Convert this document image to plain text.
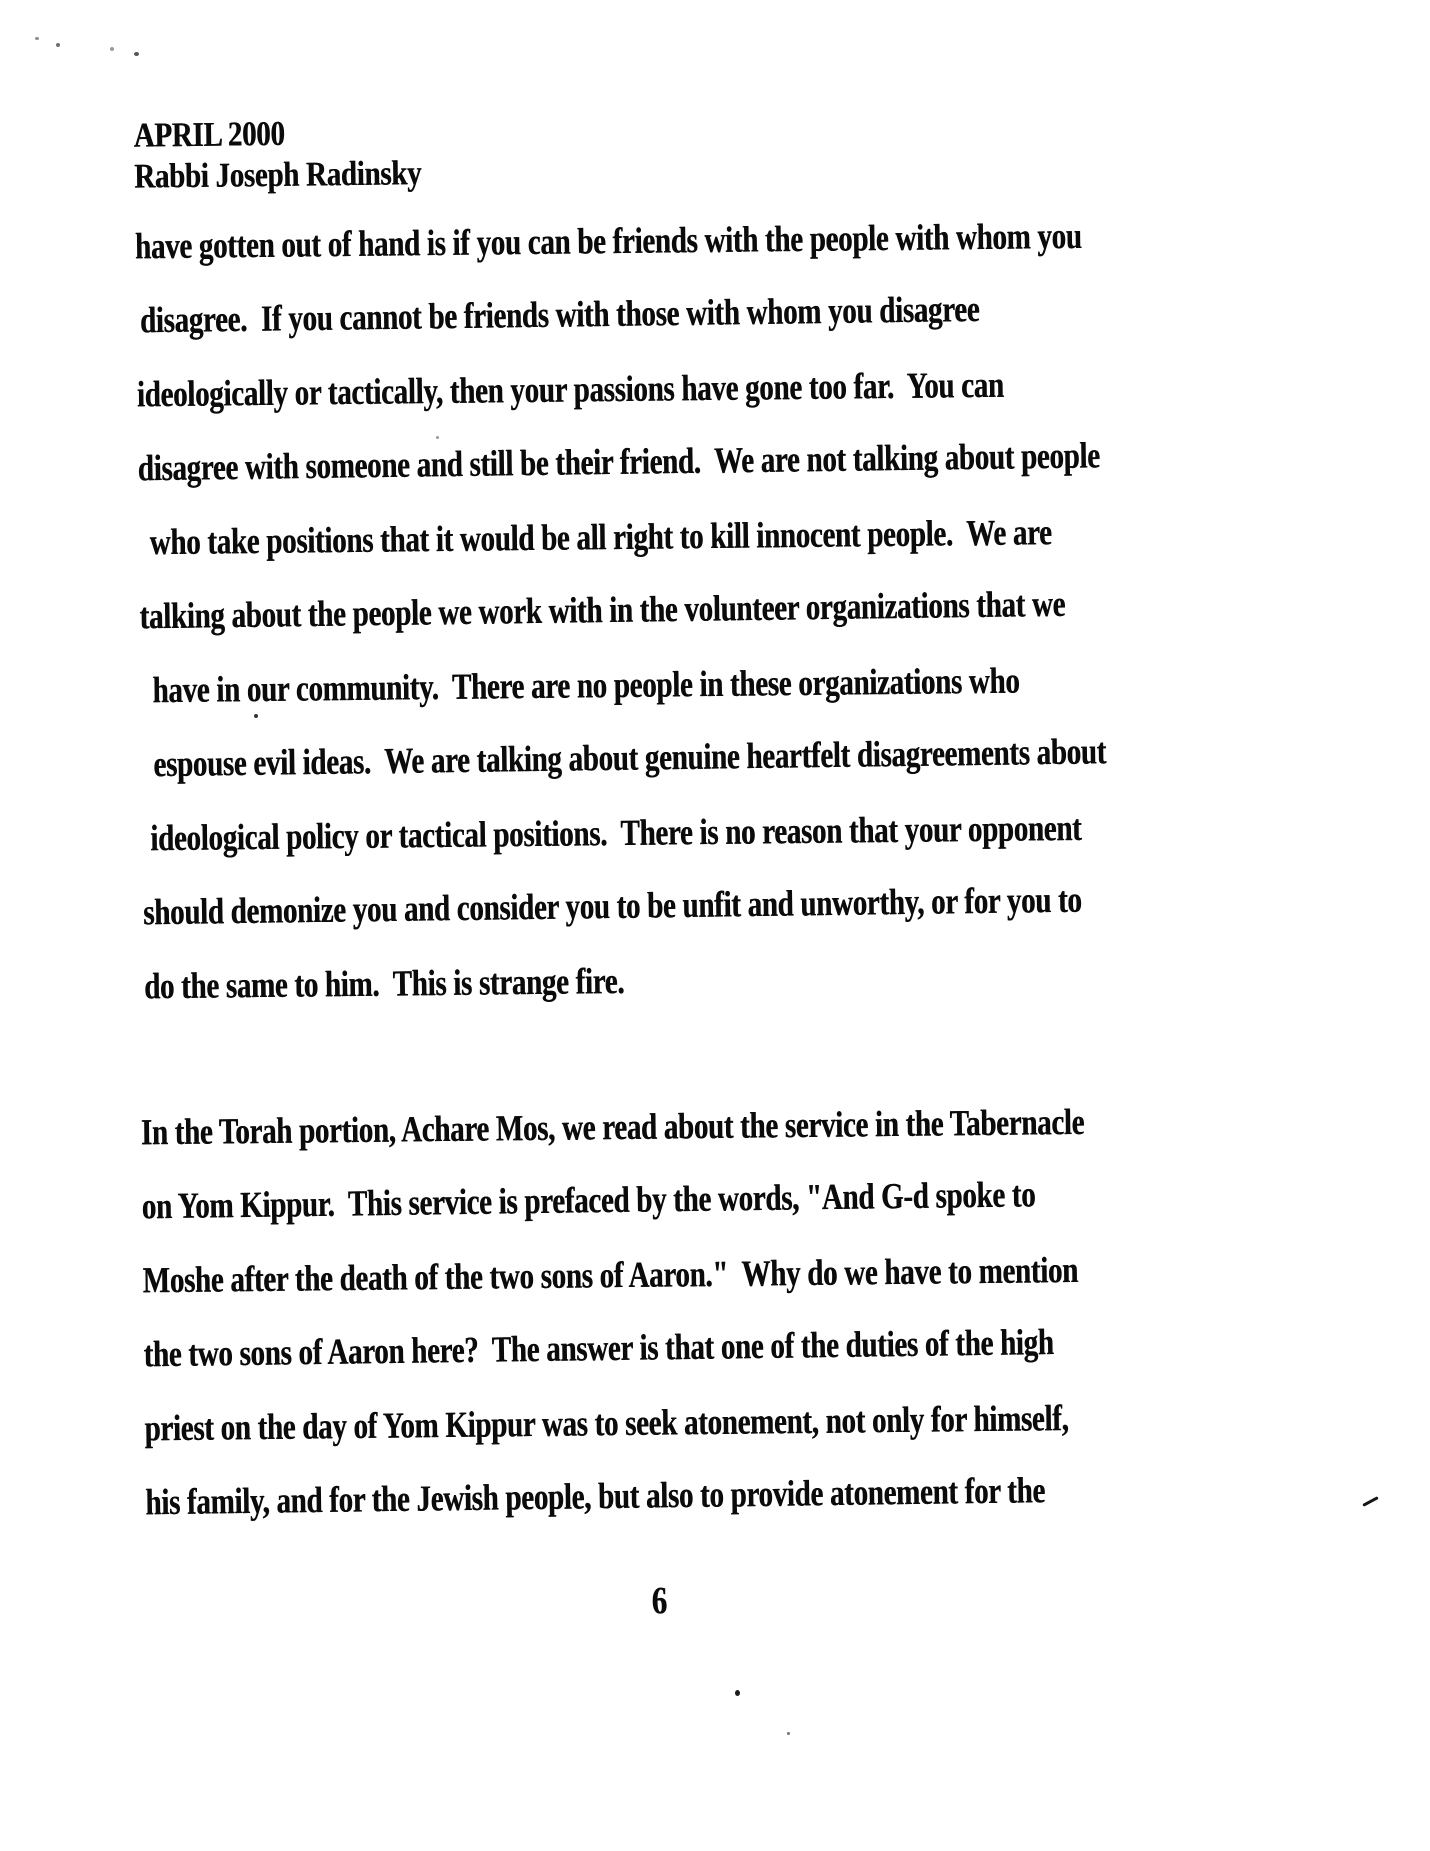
APRIL 2000
Rabbi Joseph Radinsky
have gotten out of hand is if you can be friends with the people with whom you
disagree.  If you cannot be friends with those with whom you disagree
ideologically or tactically, then your passions have gone too far.  You can
disagree with someone and still be their friend.  We are not talking about people
who take positions that it would be all right to kill innocent people.  We are
talking about the people we work with in the volunteer organizations that we
have in our community.  There are no people in these organizations who
espouse evil ideas.  We are talking about genuine heartfelt disagreements about
ideological policy or tactical positions.  There is no reason that your opponent
should demonize you and consider you to be unfit and unworthy, or for you to
do the same to him.  This is strange fire.
In the Torah portion, Achare Mos, we read about the service in the Tabernacle
on Yom Kippur.  This service is prefaced by the words, "And G-d spoke to
Moshe after the death of the two sons of Aaron."  Why do we have to mention
the two sons of Aaron here?  The answer is that one of the duties of the high
priest on the day of Yom Kippur was to seek atonement, not only for himself,
his family, and for the Jewish people, but also to provide atonement for the
6
